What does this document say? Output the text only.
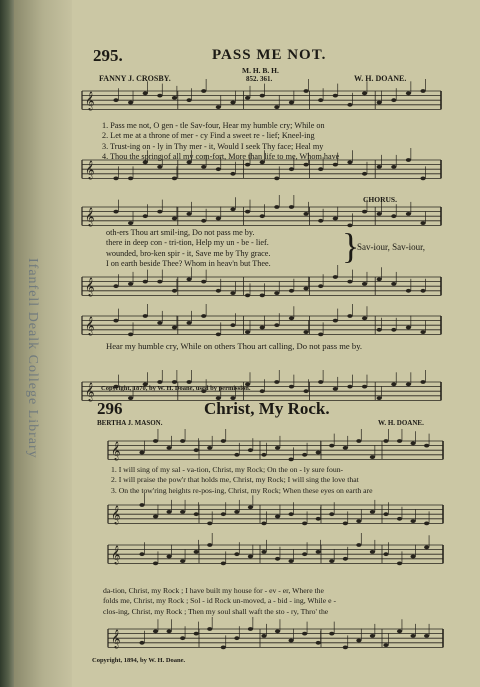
Ifanfell Dealk College Library
𝄞
𝄞
𝄞
𝄞
𝄞
𝄞
𝄞
𝄞
𝄞
𝄞
295.	PASS ME NOT.
M. H. B. H.
852. 361.
FANNY J. CROSBY.	W. H. DOANE.
1. Pass me not, O gen - tle Sav-four, Hear my humble cry; While on
2. Let me at a throne of mer - cy Find a sweet re - lief; Kneel-ing
3. Trust-ing on - ly in Thy mer - it, Would I seek Thy face; Heal my
4. Thou the spring of all my com-fort, More than life to me, Whom have
CHORUS.
oth-ers Thou art smil-ing, Do not pass me by.
there in deep con - tri-tion, Help my un - be - lief.
wounded, bro-ken spir - it, Save me by Thy grace.
I on earth beside Thee? Whom in heav'n but Thee. }
Sav-iour, Sav-iour,
Hear my humble cry, While on others Thou art calling, Do not pass me by.
Copyright, 1870, by W. H. Doane, used by permission.
296	Christ, My Rock.
BERTHA J. MASON.	W. H. DOANE.
1. I will sing of my sal - va-tion, Christ, my Rock; On the on - ly sure foun-
2. I will praise the pow'r that holds me, Christ, my Rock; I will sing the love that
3. On the tow'ring heights re-pos-ing, Christ, my Rock; When these eyes on earth are
da-tion, Christ, my Rock ; I have built my house for - ev - er, Where the
folds me, Christ, my Rock ; Sol - id Rock un-moved, a - bid - ing, While e -
clos-ing, Christ, my Rock ; Then my soul shall waft the sto - ry, Thro' the
Copyright, 1894, by W. H. Doane.
